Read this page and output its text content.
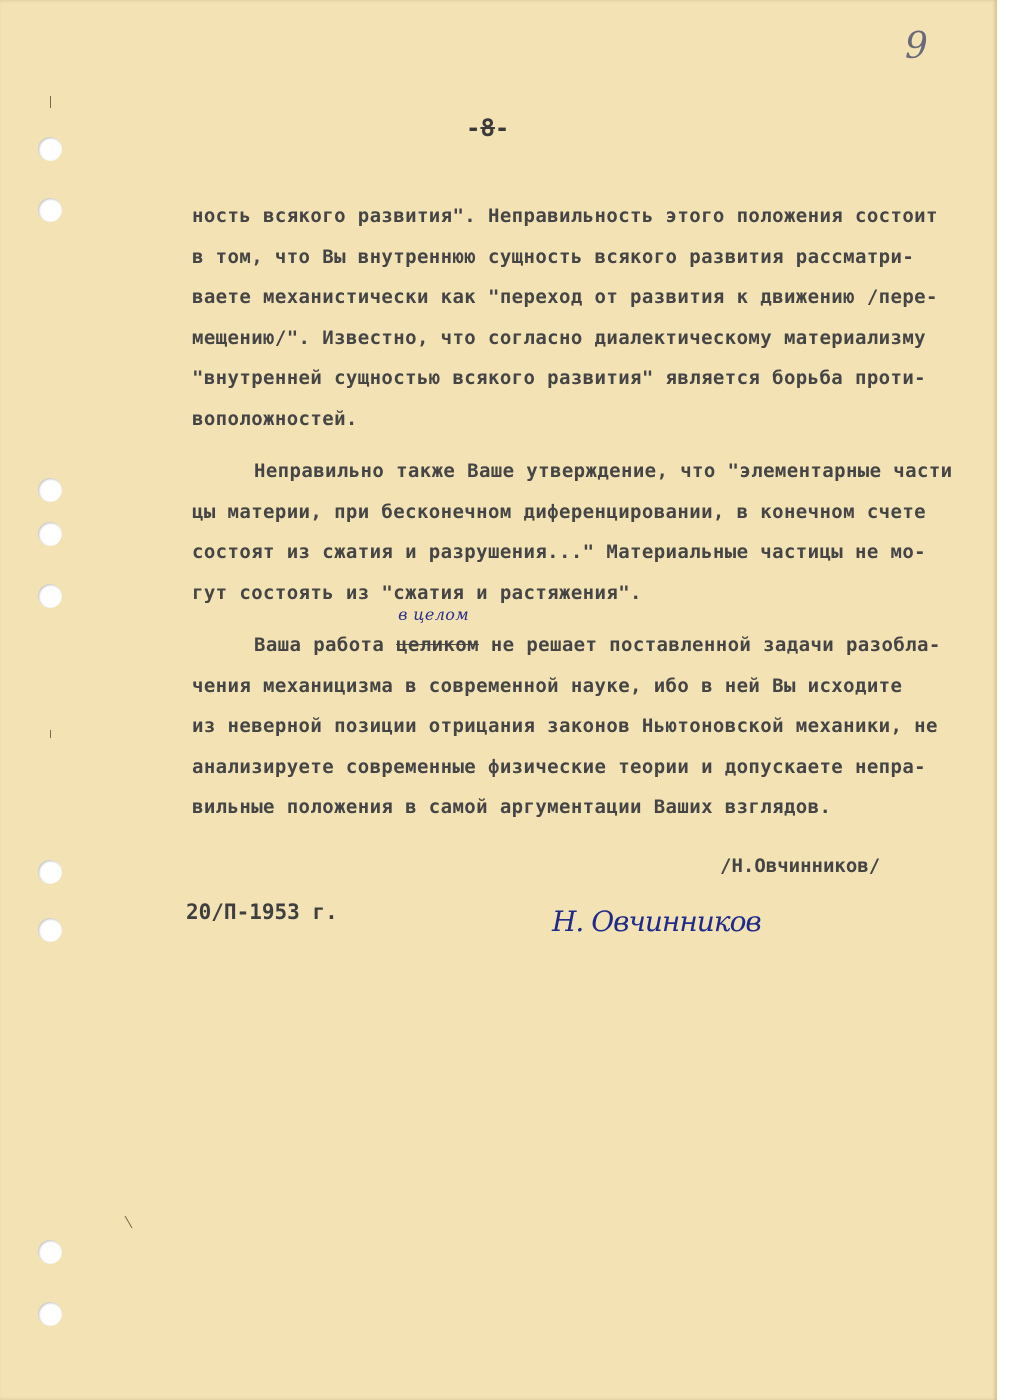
9
-8-
ность всякого развития". Неправильность этого положения состоит
в том, что Вы внутреннюю сущность всякого развития рассматри-
ваете механистически как "переход от развития к движению /пере-
мещению/". Известно, что согласно диалектическому материализму
"внутренней сущностью всякого развития" является борьба проти-
воположностей.
Неправильно также Ваше утверждение, что "элементарные части
цы материи, при бесконечном диференцировании, в конечном счете
состоят из сжатия и разрушения..." Материальные частицы не мо-
гут состоять из "сжатия и растяжения".
Ваша работа
в целом
целиком не решает поставленной задачи разобла-
чения механицизма в современной науке, ибо в ней Вы исходите
из неверной позиции отрицания законов Ньютоновской механики, не
анализируете современные физические теории и допускаете непра-
вильные положения в самой аргументации Ваших взглядов.
/Н.Овчинников/
20/П-1953 г.	Н. Овчинников
